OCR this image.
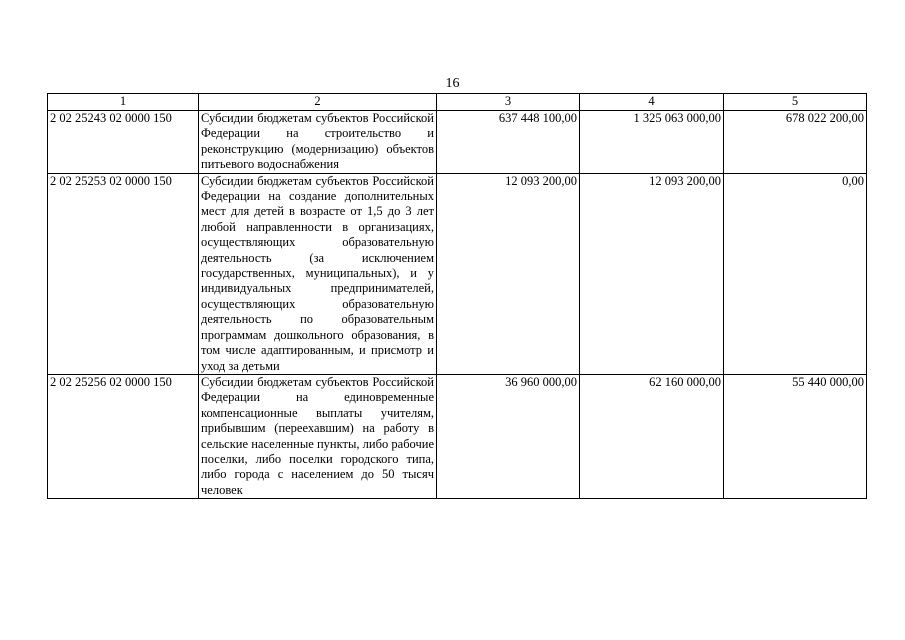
16
1	2	3	4	5
2 02 25243 02 0000 150	Субсидии бюджетам субъектов Российской Федерации на строительство и реконструкцию (модернизацию) объектов питьевого водоснабжения	637 448 100,00	1 325 063 000,00	678 022 200,00
2 02 25253 02 0000 150	Субсидии бюджетам субъектов Российской Федерации на создание дополнительных мест для детей в возрасте от 1,5 до 3 лет любой направленности в организациях, осуществляющих образовательную деятельность (за исключением государственных, муниципальных), и у индивидуальных предпринимателей, осуществляющих образовательную деятельность по образовательным программам дошкольного образования, в том числе адаптированным, и присмотр и уход за детьми	12 093 200,00	12 093 200,00	0,00
2 02 25256 02 0000 150	Субсидии бюджетам субъектов Российской Федерации на единовременные компенсационные выплаты учителям, прибывшим (переехавшим) на работу в сельские населенные пункты, либо рабочие поселки, либо поселки городского типа, либо города с населением до 50 тысяч человек	36 960 000,00	62 160 000,00	55 440 000,00
